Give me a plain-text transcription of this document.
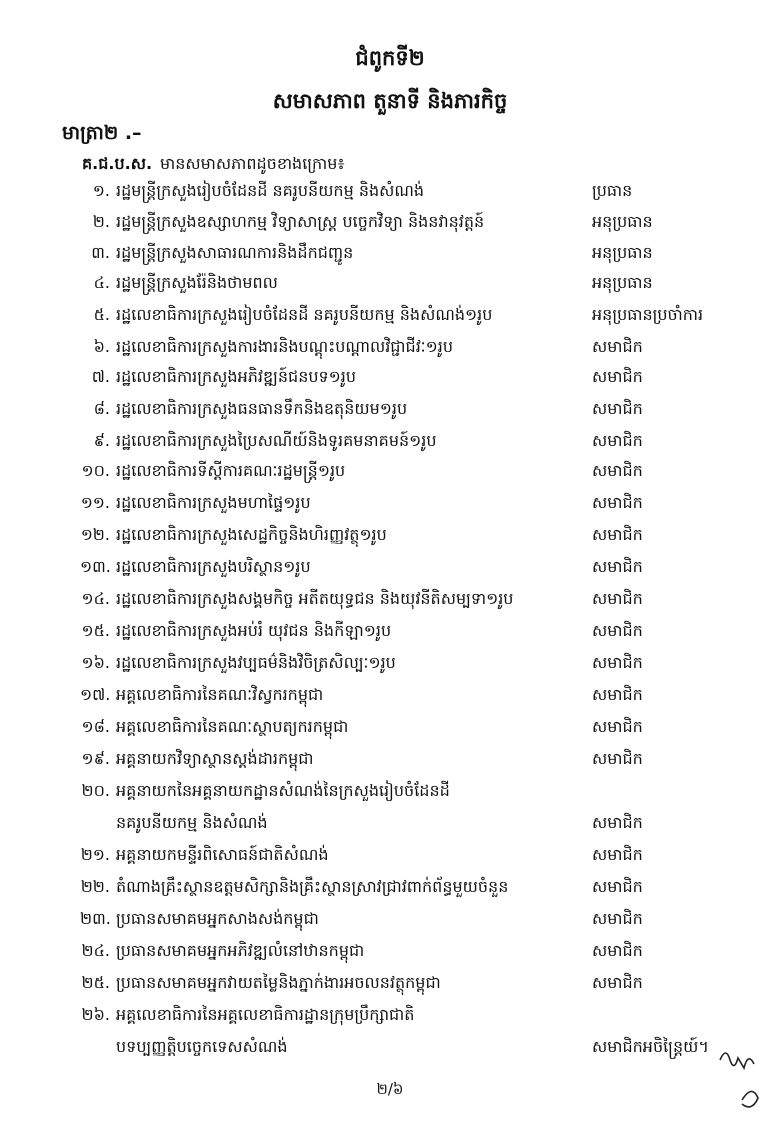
ជំពូកទី២
សមាសភាព តួនាទី និងភារកិច្ច
មាត្រា២ .–
គ.ជ.ប.ស. មានសមាសភាពដូចខាងក្រោម៖
១. រដ្ឋមន្ត្រីក្រសួងរៀបចំដែនដី នគរូបនីយកម្ម និងសំណង់	ប្រធាន
២. រដ្ឋមន្ត្រីក្រសួងឧស្សាហកម្ម វិទ្យាសាស្ត្រ បច្ចេកវិទ្យា និងនវានុវត្តន៍	អនុប្រធាន
៣. រដ្ឋមន្ត្រីក្រសួងសាធារណការនិងដឹកជញ្ជូន	អនុប្រធាន
៤. រដ្ឋមន្ត្រីក្រសួងរ៉ែនិងថាមពល	អនុប្រធាន
៥. រដ្ឋលេខាធិការក្រសួងរៀបចំដែនដី នគរូបនីយកម្ម និងសំណង់១រូប	អនុប្រធានប្រចាំការ
៦. រដ្ឋលេខាធិការក្រសួងការងារនិងបណ្តុះបណ្តាលវិជ្ជាជីវៈ១រូប	សមាជិក
៧. រដ្ឋលេខាធិការក្រសួងអភិវឌ្ឍន៍ជនបទ១រូប	សមាជិក
៨. រដ្ឋលេខាធិការក្រសួងធនធានទឹកនិងឧតុនិយម១រូប	សមាជិក
៩. រដ្ឋលេខាធិការក្រសួងប្រៃសណីយ៍និងទូរគមនាគមន៍១រូប	សមាជិក
១០. រដ្ឋលេខាធិការទីស្តីការគណៈរដ្ឋមន្ត្រី១រូប	សមាជិក
១១. រដ្ឋលេខាធិការក្រសួងមហាផ្ទៃ១រូប	សមាជិក
១២. រដ្ឋលេខាធិការក្រសួងសេដ្ឋកិច្ចនិងហិរញ្ញវត្ថុ១រូប	សមាជិក
១៣. រដ្ឋលេខាធិការក្រសួងបរិស្ថាន១រូប	សមាជិក
១៤. រដ្ឋលេខាធិការក្រសួងសង្គមកិច្ច អតីតយុទ្ធជន និងយុវនីតិសម្បទា១រូប	សមាជិក
១៥. រដ្ឋលេខាធិការក្រសួងអប់រំ យុវជន និងកីឡា១រូប	សមាជិក
១៦. រដ្ឋលេខាធិការក្រសួងវប្បធម៌និងវិចិត្រសិល្បៈ១រូប	សមាជិក
១៧. អគ្គលេខាធិការនៃគណៈវិស្វករកម្ពុជា	សមាជិក
១៨. អគ្គលេខាធិការនៃគណៈស្ថាបត្យករកម្ពុជា	សមាជិក
១៩. អគ្គនាយកវិទ្យាស្ថានស្តង់ដារកម្ពុជា	សមាជិក
២០. អគ្គនាយកនៃអគ្គនាយកដ្ឋានសំណង់នៃក្រសួងរៀបចំដែនដី
នគរូបនីយកម្ម និងសំណង់	សមាជិក
២១. អគ្គនាយកមន្ទីរពិសោធន៍ជាតិសំណង់	សមាជិក
២២. តំណាងគ្រឹះស្ថានឧត្តមសិក្សានិងគ្រឹះស្ថានស្រាវជ្រាវពាក់ព័ន្ធមួយចំនួន	សមាជិក
២៣. ប្រធានសមាគមអ្នកសាងសង់កម្ពុជា	សមាជិក
២៤. ប្រធានសមាគមអ្នកអភិវឌ្ឍលំនៅឋានកម្ពុជា	សមាជិក
២៥. ប្រធានសមាគមអ្នកវាយតម្លៃនិងភ្នាក់ងារអចលនវត្ថុកម្ពុជា	សមាជិក
២៦. អគ្គលេខាធិការនៃអគ្គលេខាធិការដ្ឋានក្រុមប្រឹក្សាជាតិ
បទប្បញ្ញត្តិបច្ចេកទេសសំណង់	សមាជិកអចិន្ត្រៃយ៍។
២/៦
